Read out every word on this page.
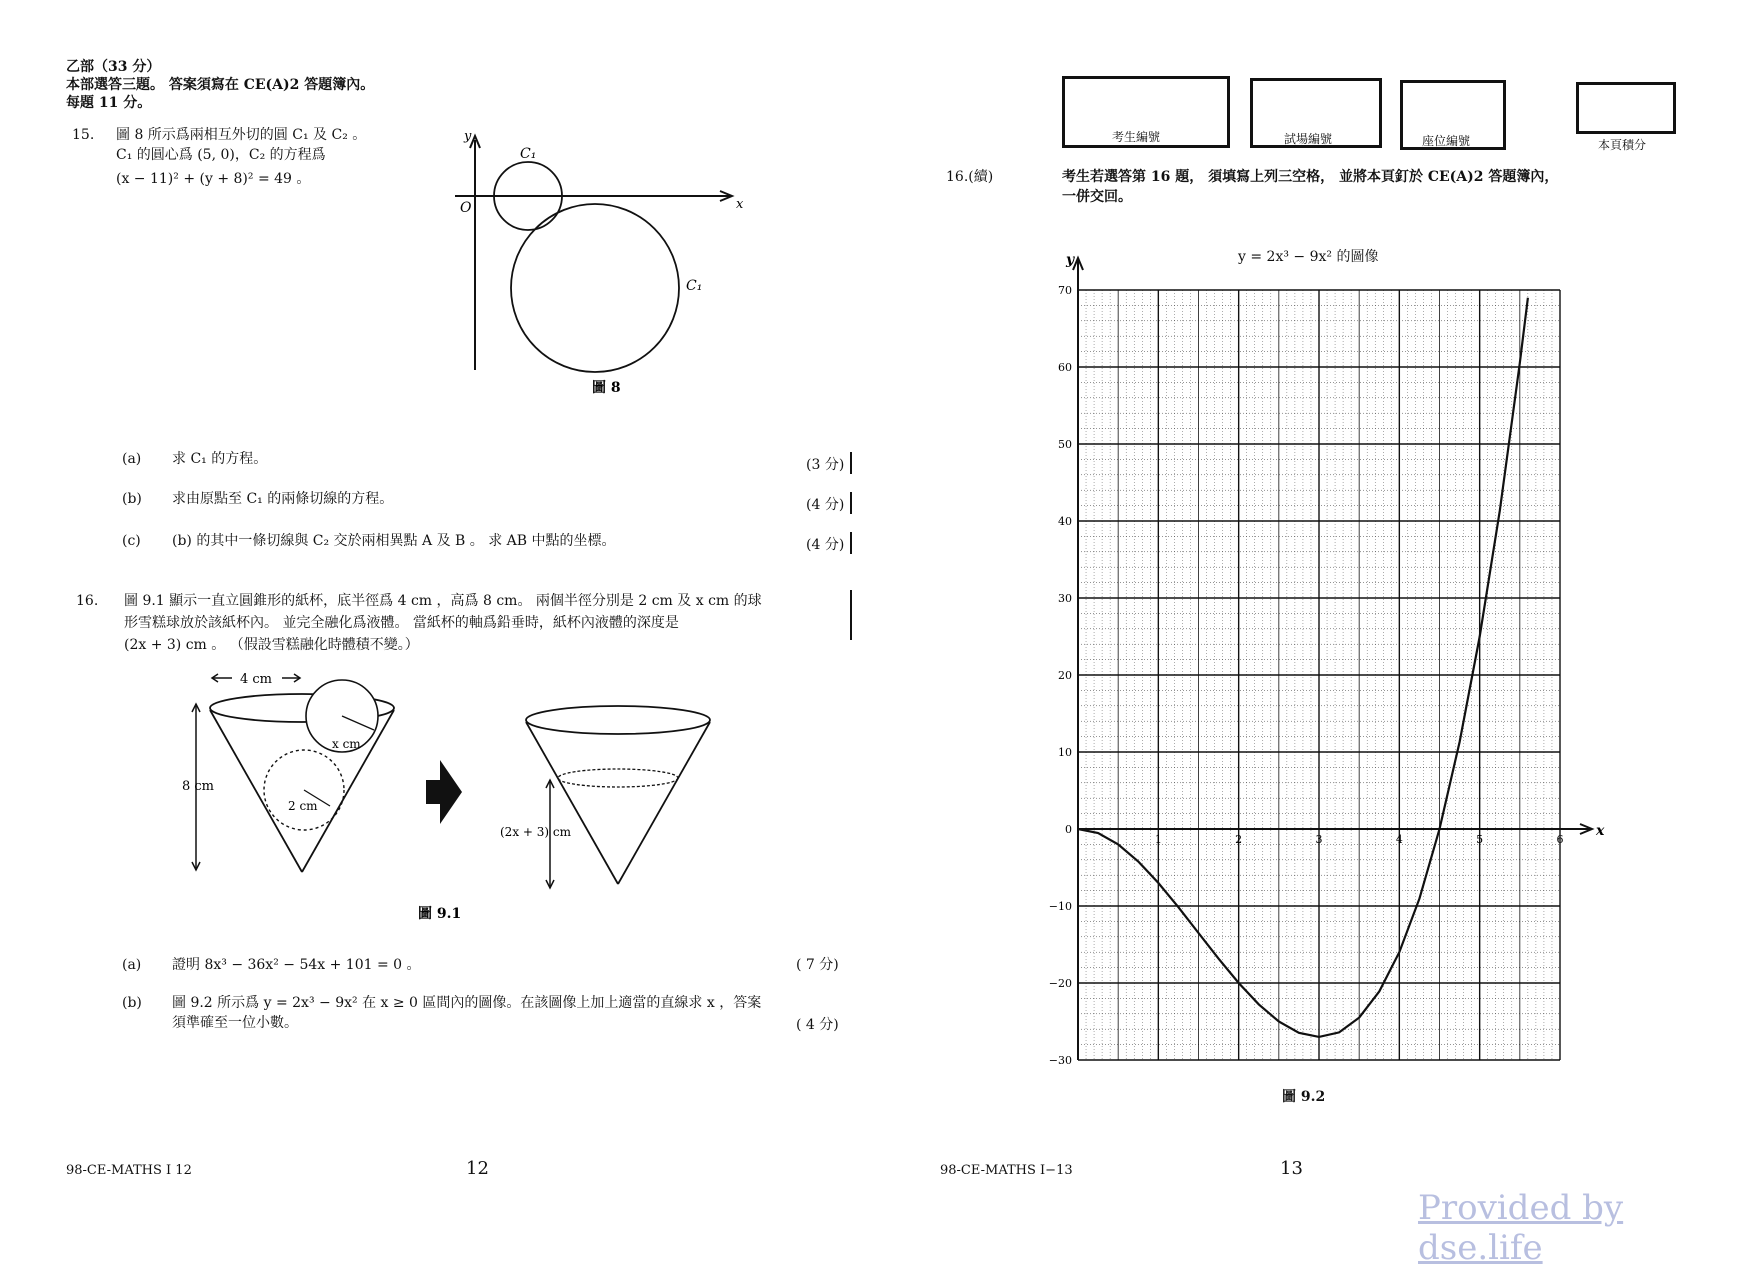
乙部（33 分）
本部選答三題。 答案須寫在 CE(A)2 答題簿內。
每題 11 分。
15. 圖 8 所示爲兩相互外切的圓 C₁ 及 C₂ 。
C₁ 的圓心爲 (5, 0)，C₂ 的方程爲
(x − 11)² + (y + 8)² = 49 。
y
x
O
C₁
C₁
圖 8
(a) 求 C₁ 的方程。	(3 分)
(b) 求由原點至 C₁ 的兩條切線的方程。	(4 分)
(c) (b) 的其中一條切線與 C₂ 交於兩相異點 A 及 B 。 求 AB 中點的坐標。	(4 分)
16. 圖 9.1 顯示一直立圓錐形的紙杯，底半徑爲 4 cm ，高爲 8 cm。 兩個半徑分別是 2 cm 及 x cm 的球
形雪糕球放於該紙杯內。 並完全融化爲液體。 當紙杯的軸爲鉛垂時，紙杯內液體的深度是
(2x + 3) cm 。 （假設雪糕融化時體積不變。）
4 cm
8 cm
x cm
2 cm
(2x + 3) cm
圖 9.1
(a) 證明 8x³ − 36x² − 54x + 101 = 0 。	( 7 分)
(b) 圖 9.2 所示爲 y = 2x³ − 9x² 在 x ≥ 0 區間內的圖像。在該圖像上加上適當的直線求 x ，答案
須準確至一位小數。	( 4 分)
98-CE-MATHS I 12	12
考生編號	試場編號	座位編號	本頁積分
16.(續)	考生若選答第 16 題， 須填寫上列三空格， 並將本頁釘於 CE(A)2 答題簿內，
一併交回。
y = 2x³ − 9x² 的圖像
y
x
70
60
50
40
30
20
10
0
−10
−20
−30
1	2	3	4	5	6
圖 9.2
98-CE-MATHS I−13	13
Provided by dse.life
